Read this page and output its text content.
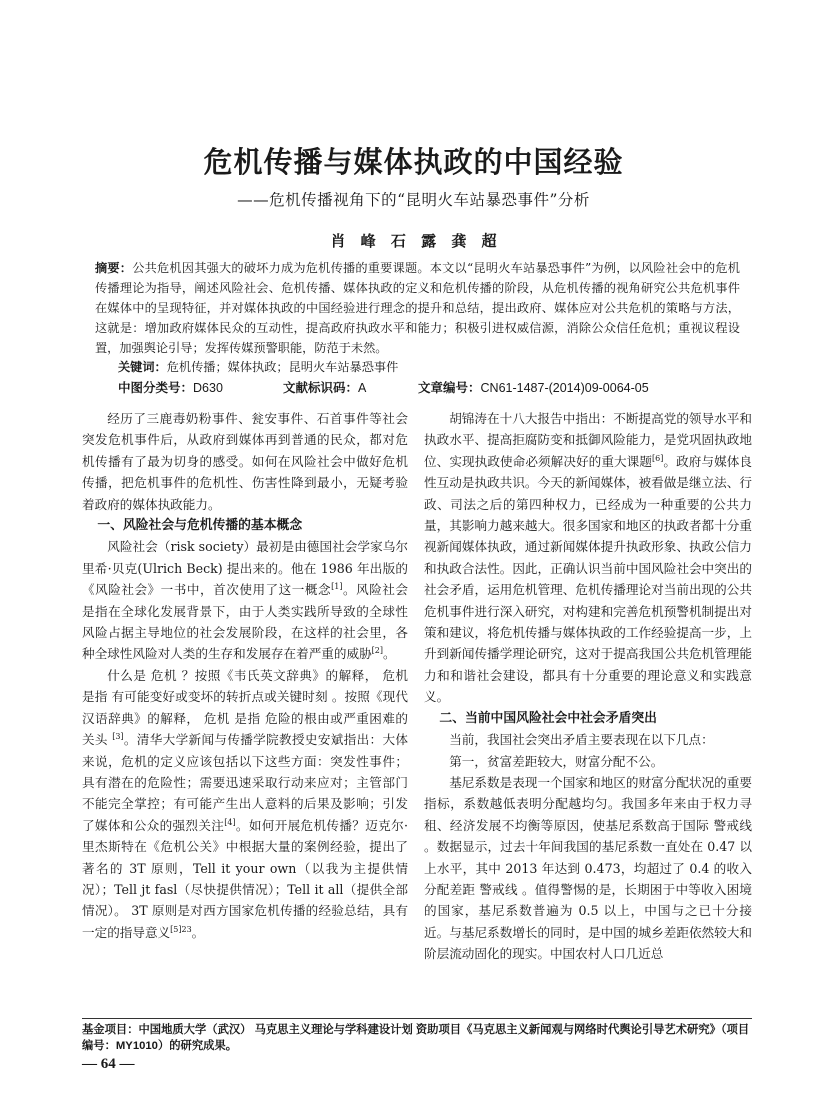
危机传播与媒体执政的中国经验
——危机传播视角下的“昆明火车站暴恐事件”分析
肖 峰 石 露 龚 超
摘要：公共危机因其强大的破坏力成为危机传播的重要课题。本文以“昆明火车站暴恐事件”为例，以风险社会中的危机传播理论为指导，阐述风险社会、危机传播、媒体执政的定义和危机传播的阶段，从危机传播的视角研究公共危机事件在媒体中的呈现特征，并对媒体执政的中国经验进行理念的提升和总结，提出政府、媒体应对公共危机的策略与方法，这就是：增加政府媒体民众的互动性，提高政府执政水平和能力；积极引进权威信源，消除公众信任危机；重视议程设置，加强舆论引导；发挥传媒预警职能，防范于未然。
关键词：危机传播；媒体执政；昆明火车站暴恐事件
中图分类号：D630	文献标识码：A	文章编号：CN61-1487-(2014)09-0064-05

经历了三鹿毒奶粉事件、瓮安事件、石首事件等社会突发危机事件后，从政府到媒体再到普通的民众，都对危机传播有了最为切身的感受。如何在风险社会中做好危机传播，把危机事件的危机性、伤害性降到最小，无疑考验着政府的媒体执政能力。

一、风险社会与危机传播的基本概念

风险社会（risk society）最初是由德国社会学家乌尔里希·贝克(Ulrich Beck) 提出来的。他在 1986 年出版的《风险社会》一书中，首次使用了这一概念[1]。风险社会是指在全球化发展背景下，由于人类实践所导致的全球性风险占据主导地位的社会发展阶段，在这样的社会里，各种全球性风险对人类的生存和发展存在着严重的威胁[2]。

什么是 危机 ？按照《韦氏英文辞典》的解释， 危机 是指 有可能变好或变坏的转折点或关键时刻 。按照《现代汉语辞典》的解释， 危机 是指 危险的根由或严重困难的关头 [3]。清华大学新闻与传播学院教授史安斌指出：大体来说，危机的定义应该包括以下这些方面：突发性事件；具有潜在的危险性；需要迅速采取行动来应对；主管部门不能完全掌控；有可能产生出人意料的后果及影响；引发了媒体和公众的强烈关注[4]。如何开展危机传播？迈克尔·里杰斯特在《危机公关》中根据大量的案例经验，提出了著名的 3T 原则，Tell it your own（以我为主提供情况）；Tell jt fasl（尽快提供情况）；Tell it all（提供全部情况）。 3T 原则是对西方国家危机传播的经验总结，具有一定的指导意义$^{[5]23}$。

胡锦涛在十八大报告中指出：不断提高党的领导水平和执政水平、提高拒腐防变和抵御风险能力，是党巩固执政地位、实现执政使命必须解决好的重大课题[6]。政府与媒体良性互动是执政共识。今天的新闻媒体，被看做是继立法、行政、司法之后的第四种权力，已经成为一种重要的公共力量，其影响力越来越大。很多国家和地区的执政者都十分重视新闻媒体执政，通过新闻媒体提升执政形象、执政公信力和执政合法性。因此，正确认识当前中国风险社会中突出的社会矛盾，运用危机管理、危机传播理论对当前出现的公共危机事件进行深入研究，对构建和完善危机预警机制提出对策和建议，将危机传播与媒体执政的工作经验提高一步，上升到新闻传播学理论研究，这对于提高我国公共危机管理能力和和谐社会建设，都具有十分重要的理论意义和实践意义。

二、当前中国风险社会中社会矛盾突出

当前，我国社会突出矛盾主要表现在以下几点：

第一，贫富差距较大，财富分配不公。

基尼系数是表现一个国家和地区的财富分配状况的重要指标，系数越低表明分配越均匀。我国多年来由于权力寻租、经济发展不均衡等原因，使基尼系数高于国际 警戒线 。数据显示，过去十年间我国的基尼系数一直处在 0.47 以上水平，其中 2013 年达到 0.473，均超过了 0.4 的收入分配差距 警戒线 。值得警惕的是，长期困于中等收入困境的国家，基尼系数普遍为 0.5 以上，中国与之已十分接近。与基尼系数增长的同时，是中国的城乡差距依然较大和阶层流动固化的现实。中国农村人口几近总

基金项目：中国地质大学（武汉） 马克思主义理论与学科建设计划 资助项目《马克思主义新闻观与网络时代舆论引导艺术研究》（项目编号：MY1010）的研究成果。
— 64 —
